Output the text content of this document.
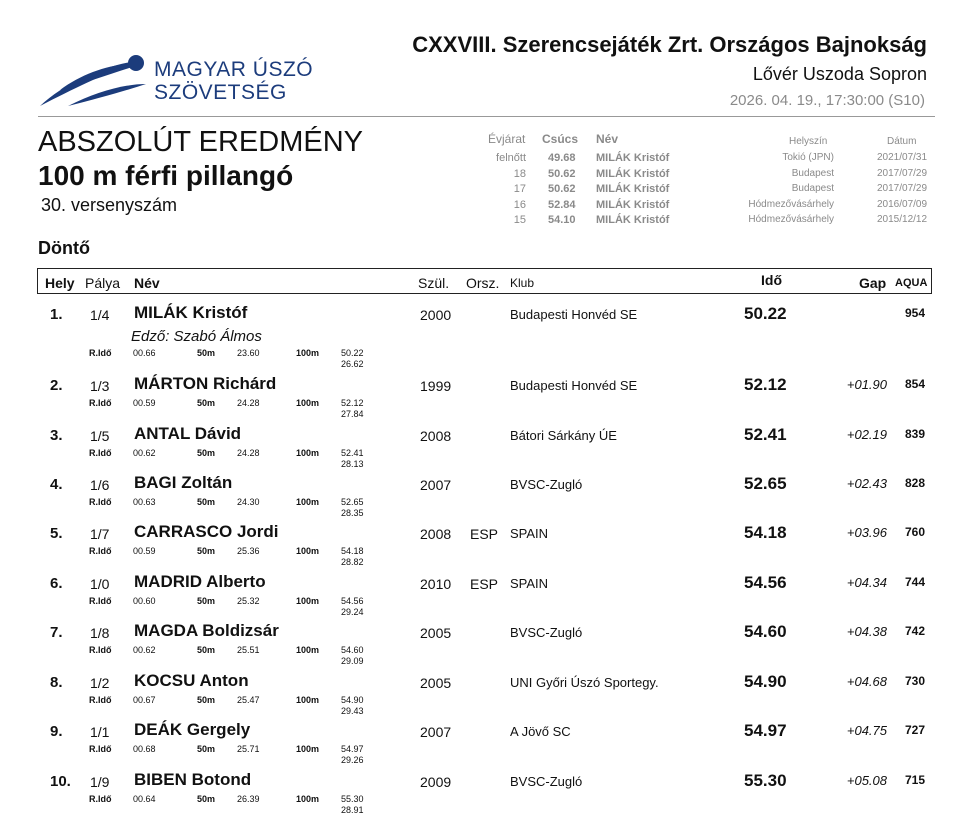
MAGYAR ÚSZÓ
SZÖVETSÉG
CXXVIII. Szerencsejáték Zrt. Országos Bajnokság
Lővér Uszoda Sopron
2026. 04. 19., 17:30:00 (S10)
ABSZOLÚT EREDMÉNY
100 m férfi pillangó
30. versenyszám
Évjárat Csúcs Név	Helyszín	Dátum
felnőtt 49.68 MILÁK Kristóf	Tokió (JPN)	2021/07/31
18 50.62 MILÁK Kristóf	Budapest	2017/07/29
17 50.62 MILÁK Kristóf	Budapest	2017/07/29
16 52.84 MILÁK Kristóf	Hódmezővásárhely	2016/07/09
15 54.10 MILÁK Kristóf	Hódmezővásárhely	2015/12/12
Döntő
Hely Pálya Név	Szül. Orsz. Klub	Idő	Gap AQUA
1. 1/4 MILÁK Kristóf	2000	Budapesti Honvéd SE	50.22	954
Edző: Szabó Álmos
R.Idő 00.66	50m 23.60	100m 50.22
26.62
2. 1/3 MÁRTON Richárd	1999	Budapesti Honvéd SE	52.12	+01.90 854
R.Idő 00.59	50m 24.28	100m 52.12
27.84
3. 1/5 ANTAL Dávid	2008	Bátori Sárkány ÚE	52.41	+02.19 839
R.Idő 00.62	50m 24.28	100m 52.41
28.13
4. 1/6 BAGI Zoltán	2007	BVSC-Zugló	52.65	+02.43 828
R.Idő 00.63	50m 24.30	100m 52.65
28.35
5. 1/7 CARRASCO Jordi	2008 ESP SPAIN	54.18	+03.96 760
R.Idő 00.59	50m 25.36	100m 54.18
28.82
6. 1/0 MADRID Alberto	2010 ESP SPAIN	54.56	+04.34 744
R.Idő 00.60	50m 25.32	100m 54.56
29.24
7. 1/8 MAGDA Boldizsár	2005	BVSC-Zugló	54.60	+04.38 742
R.Idő 00.62	50m 25.51	100m 54.60
29.09
8. 1/2 KOCSU Anton	2005	UNI Győri Úszó Sportegy.	54.90	+04.68 730
R.Idő 00.67	50m 25.47	100m 54.90
29.43
9. 1/1 DEÁK Gergely	2007	A Jövő SC	54.97	+04.75 727
R.Idő 00.68	50m 25.71	100m 54.97
29.26
10. 1/9 BIBEN Botond	2009	BVSC-Zugló	55.30	+05.08 715
R.Idő 00.64	50m 26.39	100m 55.30
28.91
